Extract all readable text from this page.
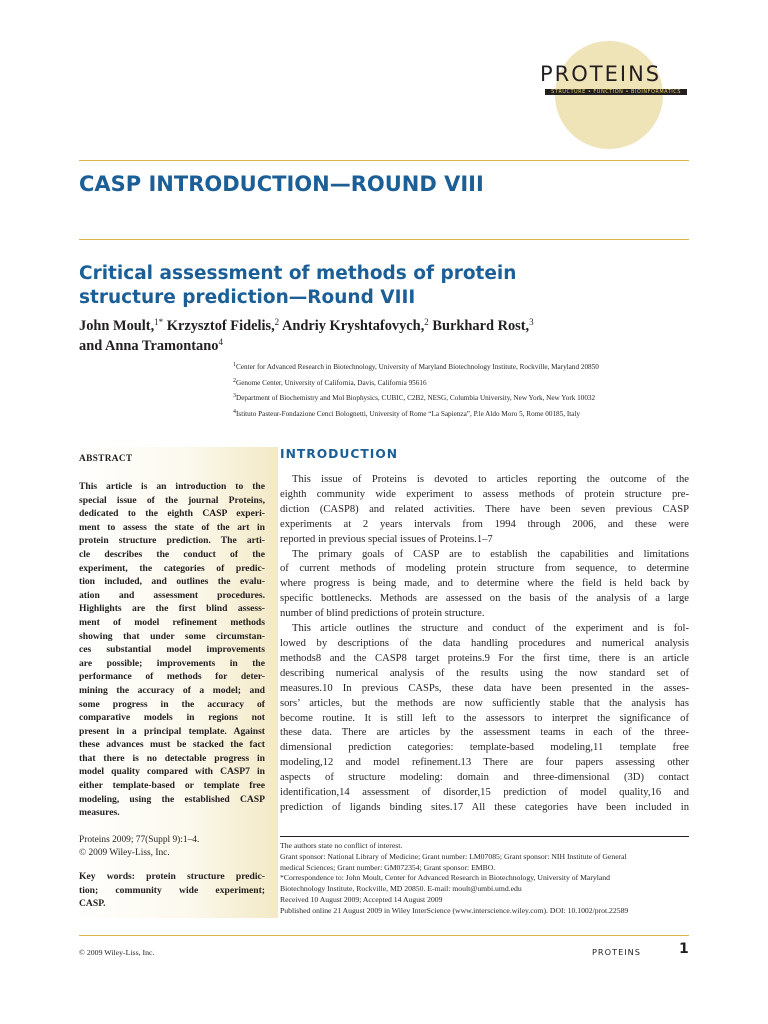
PROTEINS
STRUCTURE • FUNCTION • BIOINFORMATICS
CASP INTRODUCTION—ROUND VIII
Critical assessment of methods of protein
structure prediction—Round VIII
John Moult,$^{1*}$ Krzysztof Fidelis,$^2$ Andriy Kryshtafovych,$^2$ Burkhard Rost,$^3$
and Anna Tramontano$^4$
$^1$Center for Advanced Research in Biotechnology, University of Maryland Biotechnology Institute, Rockville, Maryland 20850
$^2$Genome Center, University of California, Davis, California 95616
$^3$Department of Biochemistry and Mol Biophysics, CUBIC, C2B2, NESG, Columbia University, New York, New York 10032
$^4$Istituto Pasteur-Fondazione Cenci Bolognetti, University of Rome “La Sapienza”, P.le Aldo Moro 5, Rome 00185, Italy
ABSTRACT
This article is an introduction to the
special issue of the journal Proteins,
dedicated to the eighth CASP experi-
ment to assess the state of the art in
protein structure prediction. The arti-
cle describes the conduct of the
experiment, the categories of predic-
tion included, and outlines the evalu-
ation and assessment procedures.
Highlights are the first blind assess-
ment of model refinement methods
showing that under some circumstan-
ces substantial model improvements
are possible; improvements in the
performance of methods for deter-
mining the accuracy of a model; and
some progress in the accuracy of
comparative models in regions not
present in a principal template. Against
these advances must be stacked the fact
that there is no detectable progress in
model quality compared with CASP7 in
either template-based or template free
modeling, using the established CASP
measures.
Proteins 2009; 77(Suppl 9):1–4.
© 2009 Wiley-Liss, Inc.
Key words: protein structure predic-
tion; community wide experiment;
CASP.
INTRODUCTION
This issue of Proteins is devoted to articles reporting the outcome of the
eighth community wide experiment to assess methods of protein structure pre-
diction (CASP8) and related activities. There have been seven previous CASP
experiments at 2 years intervals from 1994 through 2006, and these were
reported in previous special issues of Proteins.1–7
The primary goals of CASP are to establish the capabilities and limitations
of current methods of modeling protein structure from sequence, to determine
where progress is being made, and to determine where the field is held back by
specific bottlenecks. Methods are assessed on the basis of the analysis of a large
number of blind predictions of protein structure.
This article outlines the structure and conduct of the experiment and is fol-
lowed by descriptions of the data handling procedures and numerical analysis
methods8 and the CASP8 target proteins.9 For the first time, there is an article
describing numerical analysis of the results using the now standard set of
measures.10 In previous CASPs, these data have been presented in the asses-
sors’ articles, but the methods are now sufficiently stable that the analysis has
become routine. It is still left to the assessors to interpret the significance of
these data. There are articles by the assessment teams in each of the three-
dimensional prediction categories: template-based modeling,11 template free
modeling,12 and model refinement.13 There are four papers assessing other
aspects of structure modeling: domain and three-dimensional (3D) contact
identification,14 assessment of disorder,15 prediction of model quality,16 and
prediction of ligands binding sites.17 All these categories have been included in
The authors state no conflict of interest.
Grant sponsor: National Library of Medicine; Grant number: LM07085; Grant sponsor: NIH Institute of General
medical Sciences; Grant number: GM072354; Grant sponsor: EMBO.
*Correspondence to: John Moult, Center for Advanced Research in Biotechnology, University of Maryland
Biotechnology Institute, Rockville, MD 20850. E-mail: moult@umbi.umd.edu
Received 10 August 2009; Accepted 14 August 2009
Published online 21 August 2009 in Wiley InterScience (www.interscience.wiley.com). DOI: 10.1002/prot.22589
© 2009 Wiley-Liss, Inc.	PROTEINS	1
